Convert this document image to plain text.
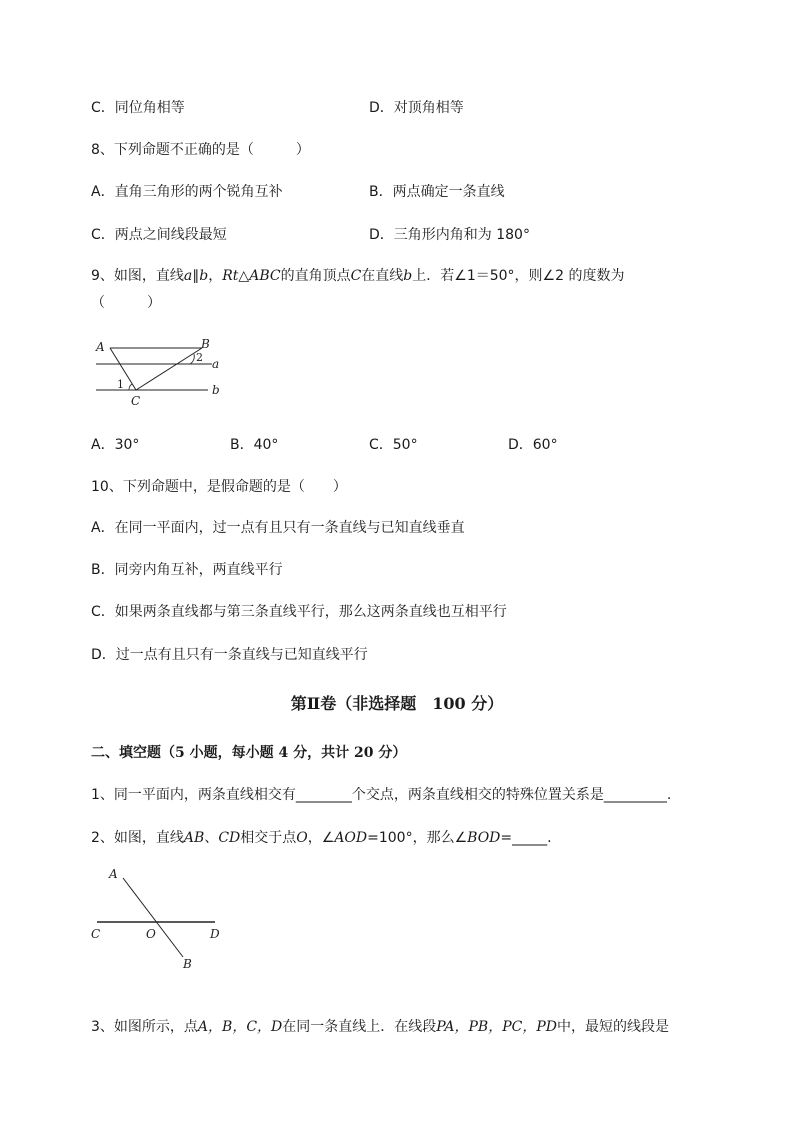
C．同位角相等	D．对顶角相等
8、下列命题不正确的是（　　　）
A．直角三角形的两个锐角互补	B．两点确定一条直线
C．两点之间线段最短	D．三角形内角和为 180°
9、如图，直线a∥b，Rt△ABC的直角顶点C在直线b上．若∠1＝50°，则∠2 的度数为
（　　　）
A	B
C
a
b
1
2
A．30°	B．40°	C．50°	D．60°
10、下列命题中，是假命题的是（　　）
A．在同一平面内，过一点有且只有一条直线与已知直线垂直
B．同旁内角互补，两直线平行
C．如果两条直线都与第三条直线平行，那么这两条直线也互相平行
D．过一点有且只有一条直线与已知直线平行
第Ⅱ卷（非选择题　100 分）
二、填空题（5 小题，每小题 4 分，共计 20 分）
1、同一平面内，两条直线相交有________个交点，两条直线相交的特殊位置关系是_________.
2、如图，直线AB、CD相交于点O，∠AOD=100°，那么∠BOD=_____.
A
B
C	D
O
3、如图所示，点A，B，C，D在同一条直线上．在线段PA，PB，PC，PD中，最短的线段是
